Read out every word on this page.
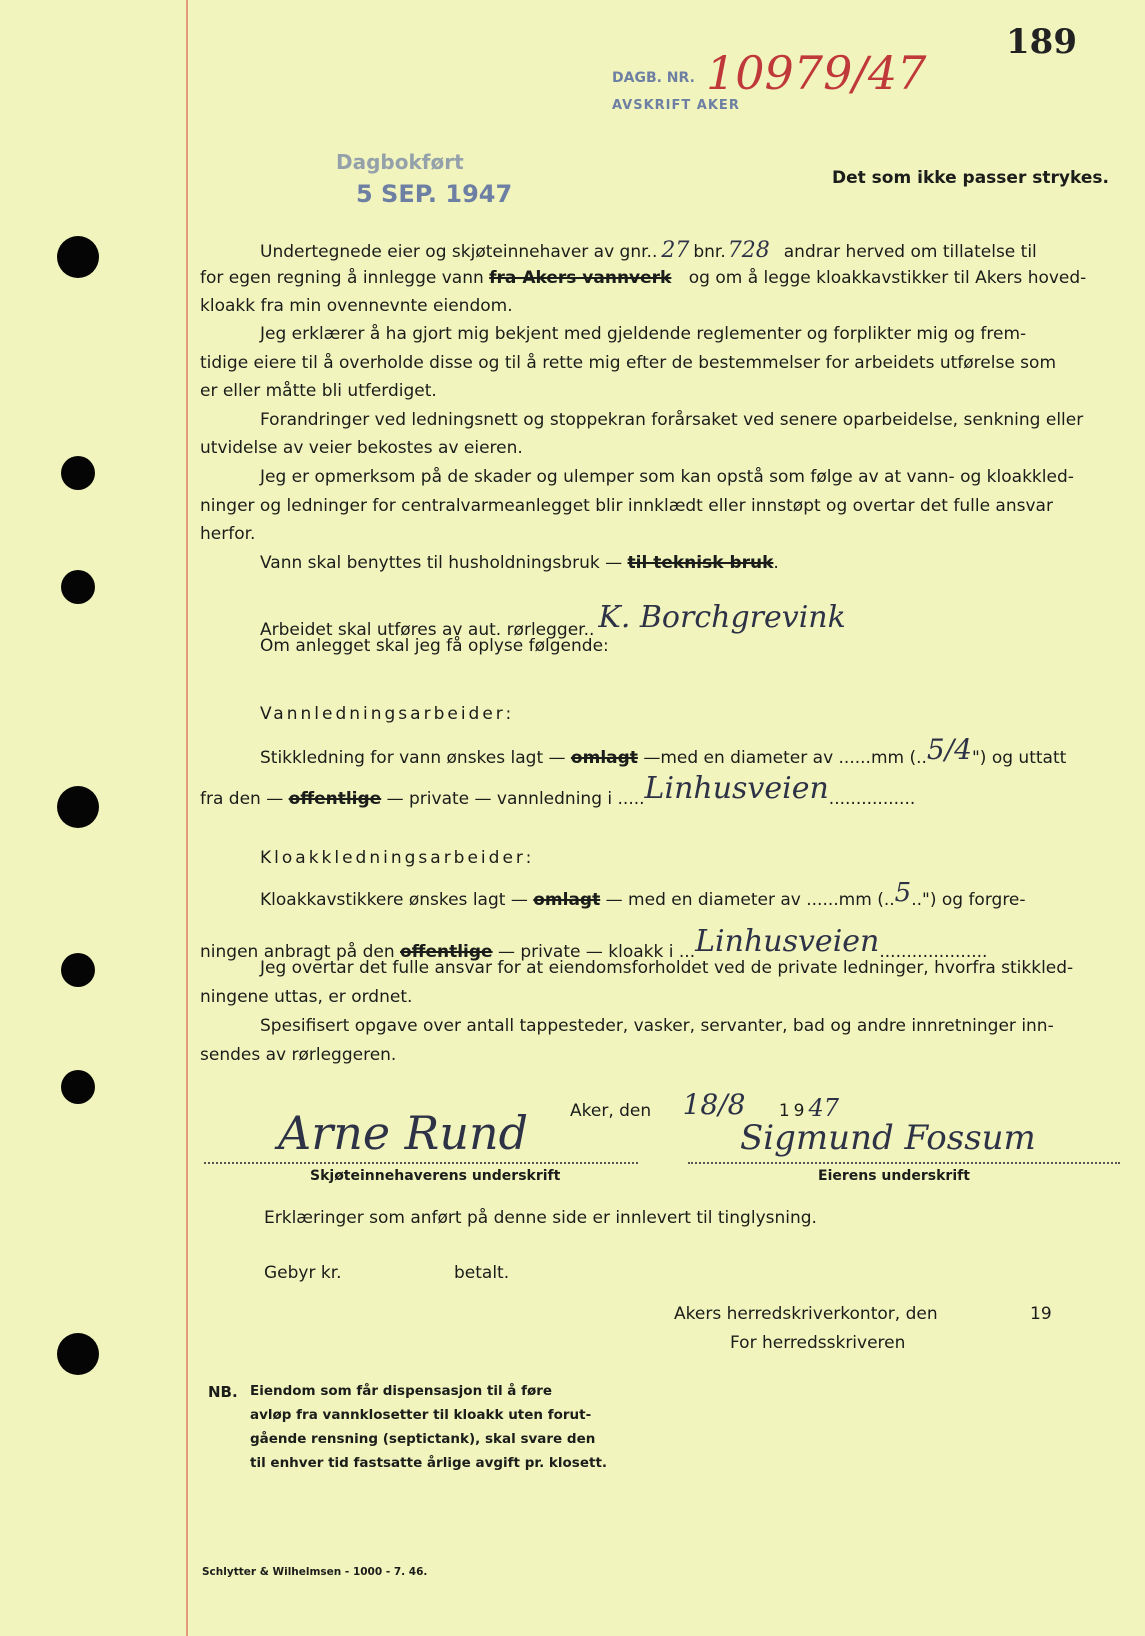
189
DAGB. NR.
AVSKRIFT AKER
10979/47
Dagbokført
5 SEP. 1947
Det som ikke passer strykes.
Undertegnede eier og skjøteinnehaver av gnr.. 27 bnr.728 andrar herved om tillatelse til
for egen regning å innlegge vann fra Akers vannverk og om å legge kloakkavstikker til Akers hoved-
kloakk fra min ovennevnte eiendom.
Jeg erklærer å ha gjort mig bekjent med gjeldende reglementer og forplikter mig og frem-
tidige eiere til å overholde disse og til å rette mig efter de bestemmelser for arbeidets utførelse som
er eller måtte bli utferdiget.
Forandringer ved ledningsnett og stoppekran forårsaket ved senere oparbeidelse, senkning eller
utvidelse av veier bekostes av eieren.
Jeg er opmerksom på de skader og ulemper som kan opstå som følge av at vann- og kloakkled-
ninger og ledninger for centralvarmeanlegget blir innklædt eller innstøpt og overtar det fulle ansvar
herfor.
Vann skal benyttes til husholdningsbruk — til teknisk bruk.
Arbeidet skal utføres av aut. rørlegger.. K. Borchgrevink
Om anlegget skal jeg få oplyse følgende:
Vannledningsarbeider:
Stikkledning for vann ønskes lagt — omlagt —med en diameter av ......mm (..5/4") og uttatt
fra den — offentlige — private — vannledning i .....Linhusveien................
Kloakkledningsarbeider:
Kloakkavstikkere ønskes lagt — omlagt — med en diameter av ......mm (..5..") og forgre-
ningen anbragt på den offentlige — private — kloakk i ...Linhusveien....................
Jeg overtar det fulle ansvar for at eiendomsforholdet ved de private ledninger, hvorfra stikkled-
ningene uttas, er ordnet.
Spesifisert opgave over antall tappesteder, vasker, servanter, bad og andre innretninger inn-
sendes av rørleggeren.
Aker, den 18/8 1947
Arne Rund
Skjøteinnehaverens underskrift
Sigmund Fossum
Eierens underskrift
Erklæringer som anført på denne side er innlevert til tinglysning.
Gebyr kr.	betalt.
Akers herredskriverkontor, den	19
For herredsskriveren
NB. Eiendom som får dispensasjon til å føre
avløp fra vannklosetter til kloakk uten forut-
gående rensning (septictank), skal svare den
til enhver tid fastsatte årlige avgift pr. klosett.
Schlytter & Wilhelmsen - 1000 - 7. 46.
